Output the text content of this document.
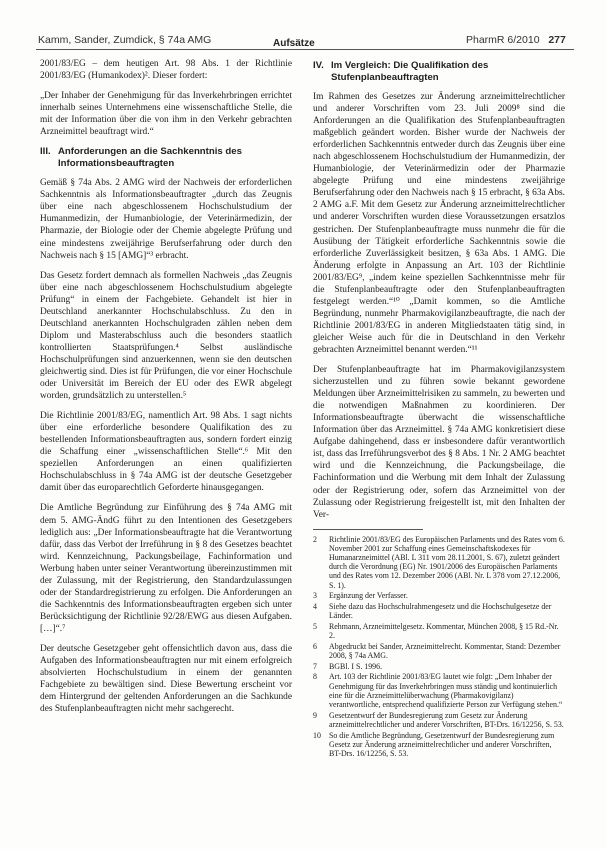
Kamm, Sander, Zumdick, § 74a AMG	Aufsätze	PharmR 6/2010 277

2001/83/EG – dem heutigen Art. 98 Abs. 1 der Richtlinie 2001/83/EG (Humankodex)². Dieser fordert:

„Der Inhaber der Genehmigung für das Inverkehrbringen errichtet innerhalb seines Unternehmens eine wissenschaftliche Stelle, die mit der Information über die von ihm in den Verkehr gebrachten Arzneimittel beauftragt wird.“

III. Anforderungen an die Sachkenntnis des Informationsbeauftragten

Gemäß § 74a Abs. 2 AMG wird der Nachweis der erforderlichen Sachkenntnis als Informationsbeauftragter „durch das Zeugnis über eine nach abgeschlossenem Hochschulstudium der Humanmedizin, der Humanbiologie, der Veterinärmedizin, der Pharmazie, der Biologie oder der Chemie abgelegte Prüfung und eine mindestens zweijährige Berufserfahrung oder durch den Nachweis nach § 15 [AMG]“³ erbracht.

Das Gesetz fordert demnach als formellen Nachweis „das Zeugnis über eine nach abgeschlossenem Hochschulstudium abgelegte Prüfung“ in einem der Fachgebiete. Gehandelt ist hier in Deutschland anerkannter Hochschulabschluss. Zu den in Deutschland anerkannten Hochschulgraden zählen neben dem Diplom und Masterabschluss auch die besonders staatlich kontrollierten Staatsprüfungen.⁴ Selbst ausländische Hochschulprüfungen sind anzuerkennen, wenn sie den deutschen gleichwertig sind. Dies ist für Prüfungen, die vor einer Hochschule oder Universität im Bereich der EU oder des EWR abgelegt worden, grundsätzlich zu unterstellen.⁵

Die Richtlinie 2001/83/EG, namentlich Art. 98 Abs. 1 sagt nichts über eine erforderliche besondere Qualifikation des zu bestellenden Informationsbeauftragten aus, sondern fordert einzig die Schaffung einer „wissenschaftlichen Stelle“.⁶ Mit den speziellen Anforderungen an einen qualifizierten Hochschulabschluss in § 74a AMG ist der deutsche Gesetzgeber damit über das europarechtlich Geforderte hinausgegangen.

Die Amtliche Begründung zur Einführung des § 74a AMG mit dem 5. AMG-ÄndG führt zu den Intentionen des Gesetzgebers lediglich aus: „Der Informationsbeauftragte hat die Verantwortung dafür, dass das Verbot der Irreführung in § 8 des Gesetzes beachtet wird. Kennzeichnung, Packungsbeilage, Fachinformation und Werbung haben unter seiner Verantwortung übereinzustimmen mit der Zulassung, mit der Registrierung, den Standardzulassungen oder der Standardregistrierung zu erfolgen. Die Anforderungen an die Sachkenntnis des Informationsbeauftragten ergeben sich unter Berücksichtigung der Richtlinie 92/28/EWG aus diesen Aufgaben. […]“.⁷

Der deutsche Gesetzgeber geht offensichtlich davon aus, dass die Aufgaben des Informationsbeauftragten nur mit einem erfolgreich absolvierten Hochschulstudium in einem der genannten Fachgebiete zu bewältigen sind. Diese Bewertung erscheint vor dem Hintergrund der geltenden Anforderungen an die Sachkunde des Stufenplanbeauftragten nicht mehr sachgerecht.

IV. Im Vergleich: Die Qualifikation des Stufenplanbeauftragten

Im Rahmen des Gesetzes zur Änderung arzneimittelrechtlicher und anderer Vorschriften vom 23. Juli 2009⁸ sind die Anforderungen an die Qualifikation des Stufenplanbeauftragten maßgeblich geändert worden. Bisher wurde der Nachweis der erforderlichen Sachkenntnis entweder durch das Zeugnis über eine nach abgeschlossenem Hochschulstudium der Humanmedizin, der Humanbiologie, der Veterinärmedizin oder der Pharmazie abgelegte Prüfung und eine mindestens zweijährige Berufserfahrung oder den Nachweis nach § 15 erbracht, § 63a Abs. 2 AMG a.F. Mit dem Gesetz zur Änderung arzneimittelrechtlicher und anderer Vorschriften wurden diese Voraussetzungen ersatzlos gestrichen. Der Stufenplanbeauftragte muss nunmehr die für die Ausübung der Tätigkeit erforderliche Sachkenntnis sowie die erforderliche Zuverlässigkeit besitzen, § 63a Abs. 1 AMG. Die Änderung erfolgte in Anpassung an Art. 103 der Richtlinie 2001/83/EG⁹, „indem keine speziellen Sachkenntnisse mehr für die Stufenplanbeauftragte oder den Stufenplanbeauftragten festgelegt werden.“¹⁰ „Damit kommen, so die Amtliche Begründung, nunmehr Pharmakovigilanzbeauftragte, die nach der Richtlinie 2001/83/EG in anderen Mitgliedstaaten tätig sind, in gleicher Weise auch für die in Deutschland in den Verkehr gebrachten Arzneimittel benannt werden.“¹¹

Der Stufenplanbeauftragte hat im Pharmakovigilanzsystem sicherzustellen und zu führen sowie bekannt gewordene Meldungen über Arzneimittelrisiken zu sammeln, zu bewerten und die notwendigen Maßnahmen zu koordinieren. Der Informationsbeauftragte überwacht die wissenschaftliche Information über das Arzneimittel. § 74a AMG konkretisiert diese Aufgabe dahingehend, dass er insbesondere dafür verantwortlich ist, dass das Irreführungsverbot des § 8 Abs. 1 Nr. 2 AMG beachtet wird und die Kennzeichnung, die Packungsbeilage, die Fachinformation und die Werbung mit dem Inhalt der Zulassung oder der Registrierung oder, sofern das Arzneimittel von der Zulassung oder Registrierung freigestellt ist, mit den Inhalten der Ver-

2	Richtlinie 2001/83/EG des Europäischen Parlaments und des Rates vom 6. November 2001 zur Schaffung eines Gemeinschaftskodexes für Humanarzneimittel (ABl. L 311 vom 28.11.2001, S. 67), zuletzt geändert durch die Verordnung (EG) Nr. 1901/2006 des Europäischen Parlaments und des Rates vom 12. Dezember 2006 (ABl. Nr. L 378 vom 27.12.2006, S. 1).
3	Ergänzung der Verfasser.
4	Siehe dazu das Hochschulrahmengesetz und die Hochschulgesetze der Länder.
5	Rehmann, Arzneimittelgesetz. Kommentar, München 2008, § 15 Rd.-Nr. 2.
6	Abgedruckt bei Sander, Arzneimittelrecht. Kommentar, Stand: Dezember 2008, § 74a AMG.
7	BGBl. I S. 1996.
8	Art. 103 der Richtlinie 2001/83/EG lautet wie folgt: „Dem Inhaber der Genehmigung für das Inverkehrbringen muss ständig und kontinuierlich eine für die Arzneimittelüberwachung (Pharmakovigilanz) verantwortliche, entsprechend qualifizierte Person zur Verfügung stehen.“
9	Gesetzentwurf der Bundesregierung zum Gesetz zur Änderung arzneimittelrechtlicher und anderer Vorschriften, BT-Drs. 16/12256, S. 53.
10	So die Amtliche Begründung, Gesetzentwurf der Bundesregierung zum Gesetz zur Änderung arzneimittelrechtlicher und anderer Vorschriften, BT-Drs. 16/12256, S. 53.
